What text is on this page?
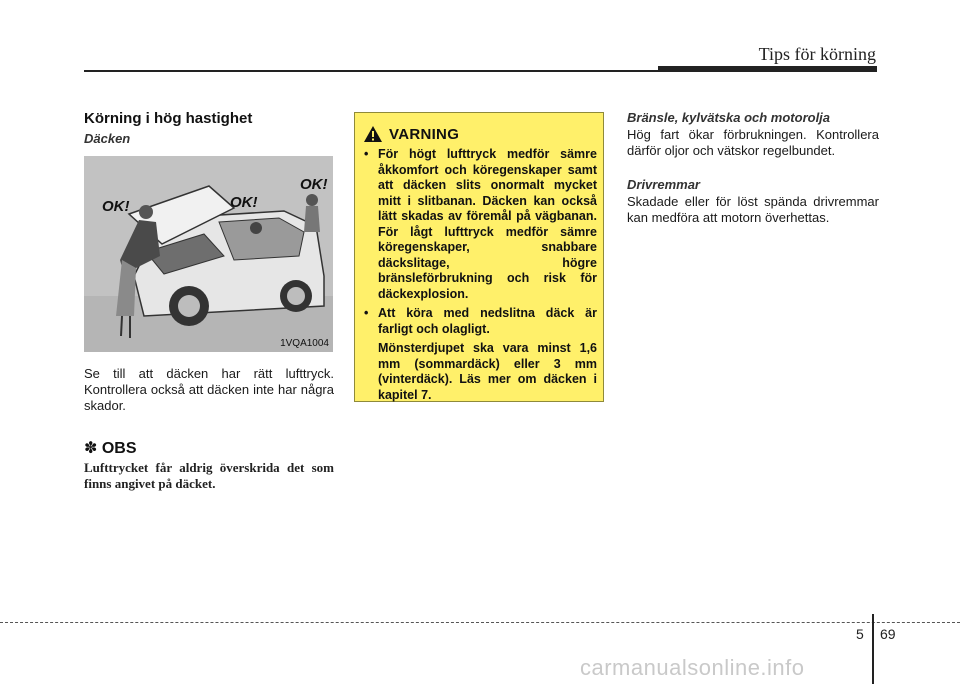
Tips för körning
Körning i hög hastighet
Däcken
OK!	OK!
OK!
1VQA1004

Se till att däcken har rätt lufttryck. Kontrollera också att däcken inte har några skador.

✽ OBS

Lufttrycket får aldrig överskrida det som finns angivet på däcket.

VARNING
• För högt lufttryck medför sämre åkkomfort och köregenskaper samt att däcken slits onormalt mycket mitt i slitbanan. Däcken kan också lätt skadas av föremål på vägbanan. För lågt lufttryck medför sämre köregenskaper, snabbare däckslitage, högre bränsleförbrukning och risk för däckexplosion.
• Att köra med nedslitna däck är farligt och olagligt.
Mönsterdjupet ska vara minst 1,6 mm (sommardäck) eller 3 mm (vinterdäck). Läs mer om däcken i kapitel 7.
Bränsle, kylvätska och motorolja

Hög fart ökar förbrukningen. Kontrollera därför oljor och vätskor regelbundet.

Drivremmar

Skadade eller för löst spända drivremmar kan medföra att motorn överhettas.

5 69
carmanualsonline.info
